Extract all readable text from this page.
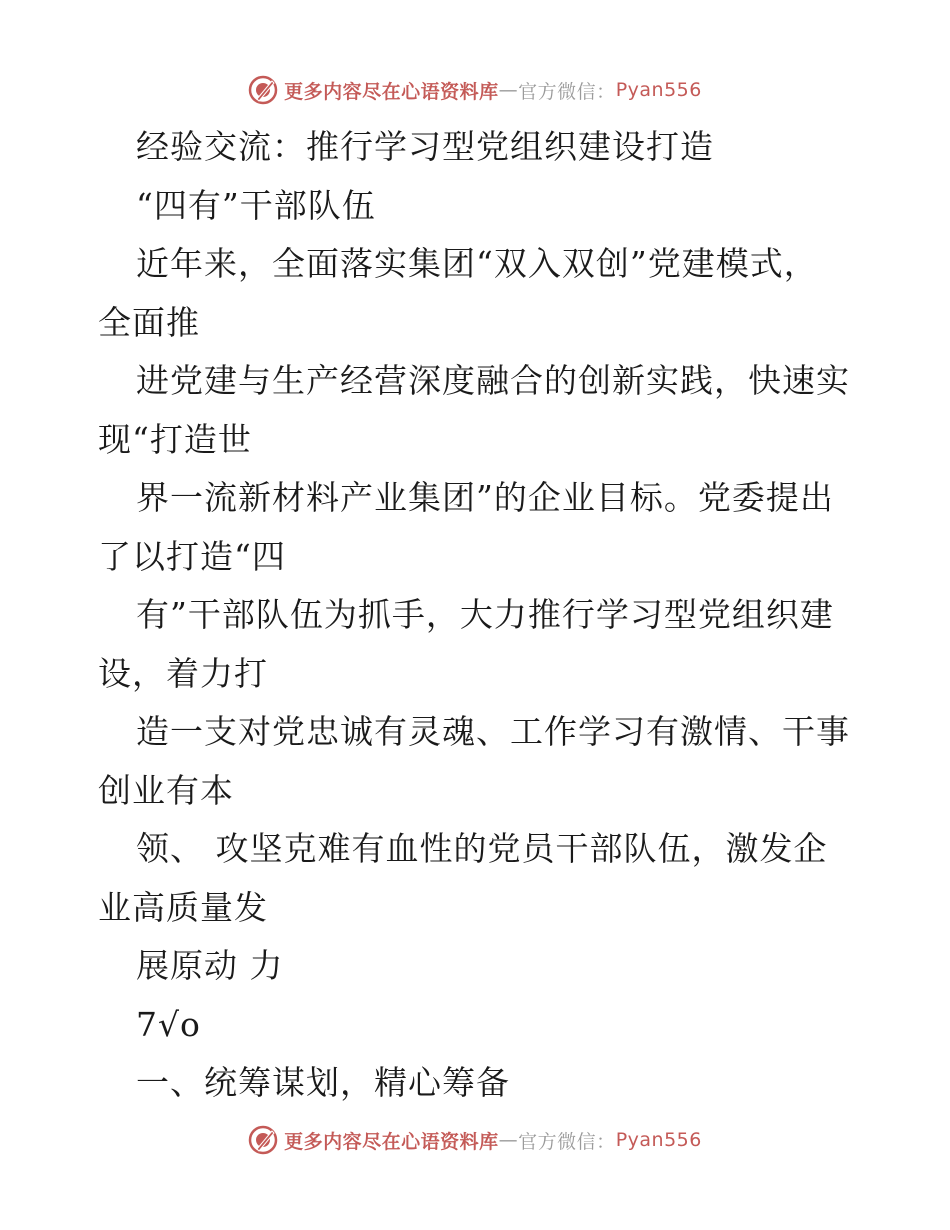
更多内容尽在心语资料库 — 官方微信： Pyan556
经验交流：推行学习型党组织建设打造
“四有”干部队伍
近年来，全面落实集团“双入双创”党建模式，
全面推
进党建与生产经营深度融合的创新实践，快速实
现“打造世
界一流新材料产业集团”的企业目标。党委提出
了以打造“四
有”干部队伍为抓手，大力推行学习型党组织建
设，着力打
造一支对党忠诚有灵魂、工作学习有激情、干事
创业有本
领、 攻坚克难有血性的党员干部队伍，激发企
业高质量发
展原动 力
7√o
一、统筹谋划，精心筹备
更多内容尽在心语资料库 — 官方微信： Pyan556
